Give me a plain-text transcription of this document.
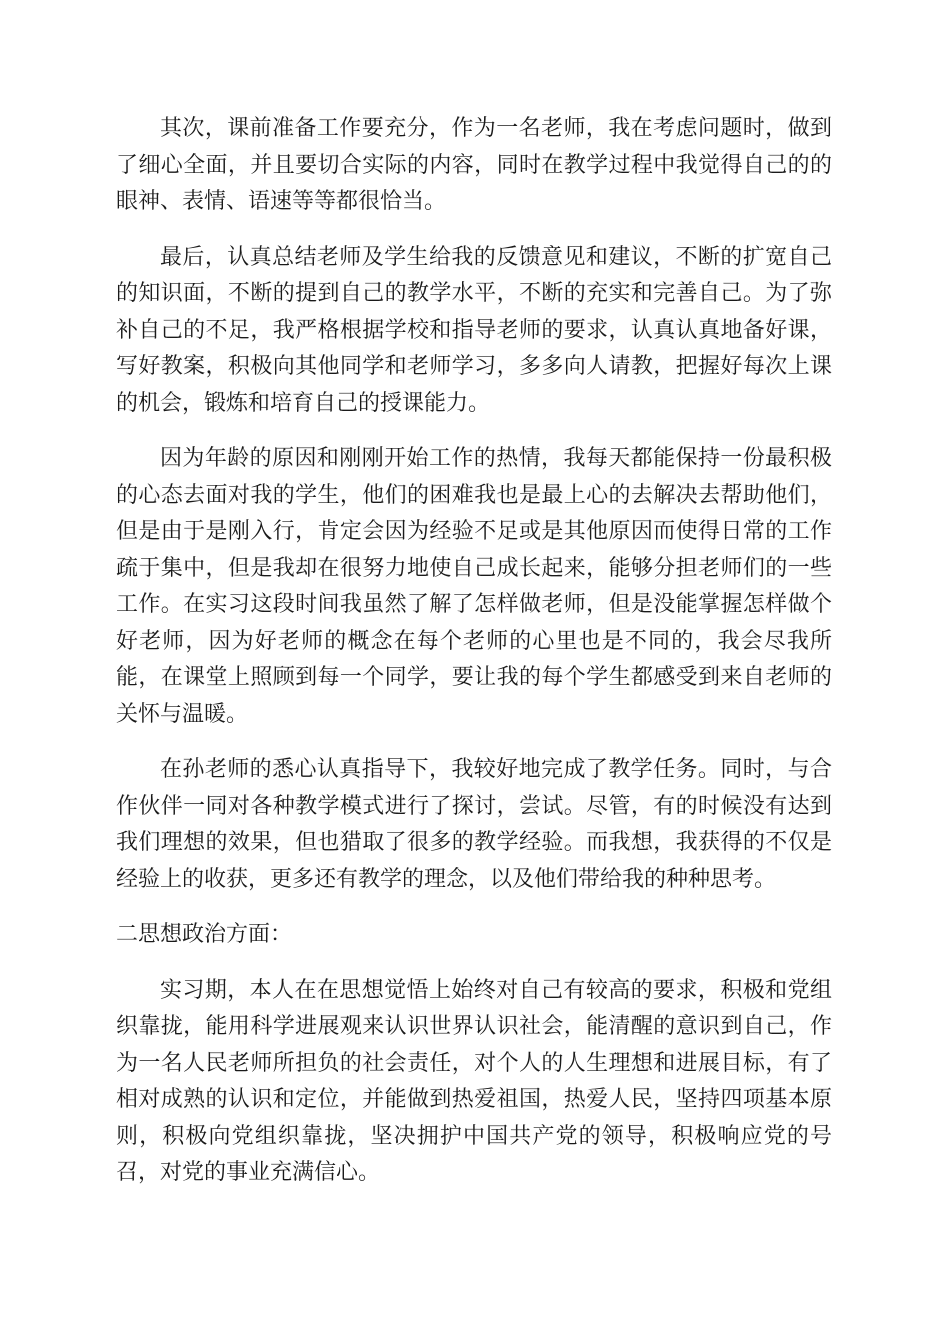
其次，课前准备工作要充分，作为一名老师，我在考虑问题时，做到了细心全面，并且要切合实际的内容，同时在教学过程中我觉得自己的的眼神、表情、语速等等都很恰当。

最后，认真总结老师及学生给我的反馈意见和建议，不断的扩宽自己的知识面，不断的提到自己的教学水平，不断的充实和完善自己。为了弥补自己的不足，我严格根据学校和指导老师的要求，认真认真地备好课，写好教案，积极向其他同学和老师学习，多多向人请教，把握好每次上课的机会，锻炼和培育自己的授课能力。

因为年龄的原因和刚刚开始工作的热情，我每天都能保持一份最积极的心态去面对我的学生，他们的困难我也是最上心的去解决去帮助他们，但是由于是刚入行，肯定会因为经验不足或是其他原因而使得日常的工作疏于集中，但是我却在很努力地使自己成长起来，能够分担老师们的一些工作。在实习这段时间我虽然了解了怎样做老师，但是没能掌握怎样做个好老师，因为好老师的概念在每个老师的心里也是不同的，我会尽我所能，在课堂上照顾到每一个同学，要让我的每个学生都感受到来自老师的关怀与温暖。

在孙老师的悉心认真指导下，我较好地完成了教学任务。同时，与合作伙伴一同对各种教学模式进行了探讨，尝试。尽管，有的时候没有达到我们理想的效果，但也猎取了很多的教学经验。而我想，我获得的不仅是经验上的收获，更多还有教学的理念，以及他们带给我的种种思考。

二思想政治方面：

实习期，本人在在思想觉悟上始终对自己有较高的要求，积极和党组织靠拢，能用科学进展观来认识世界认识社会，能清醒的意识到自己，作为一名人民老师所担负的社会责任，对个人的人生理想和进展目标，有了相对成熟的认识和定位，并能做到热爱祖国，热爱人民，坚持四项基本原则，积极向党组织靠拢，坚决拥护中国共产党的领导，积极响应党的号召，对党的事业充满信心。
